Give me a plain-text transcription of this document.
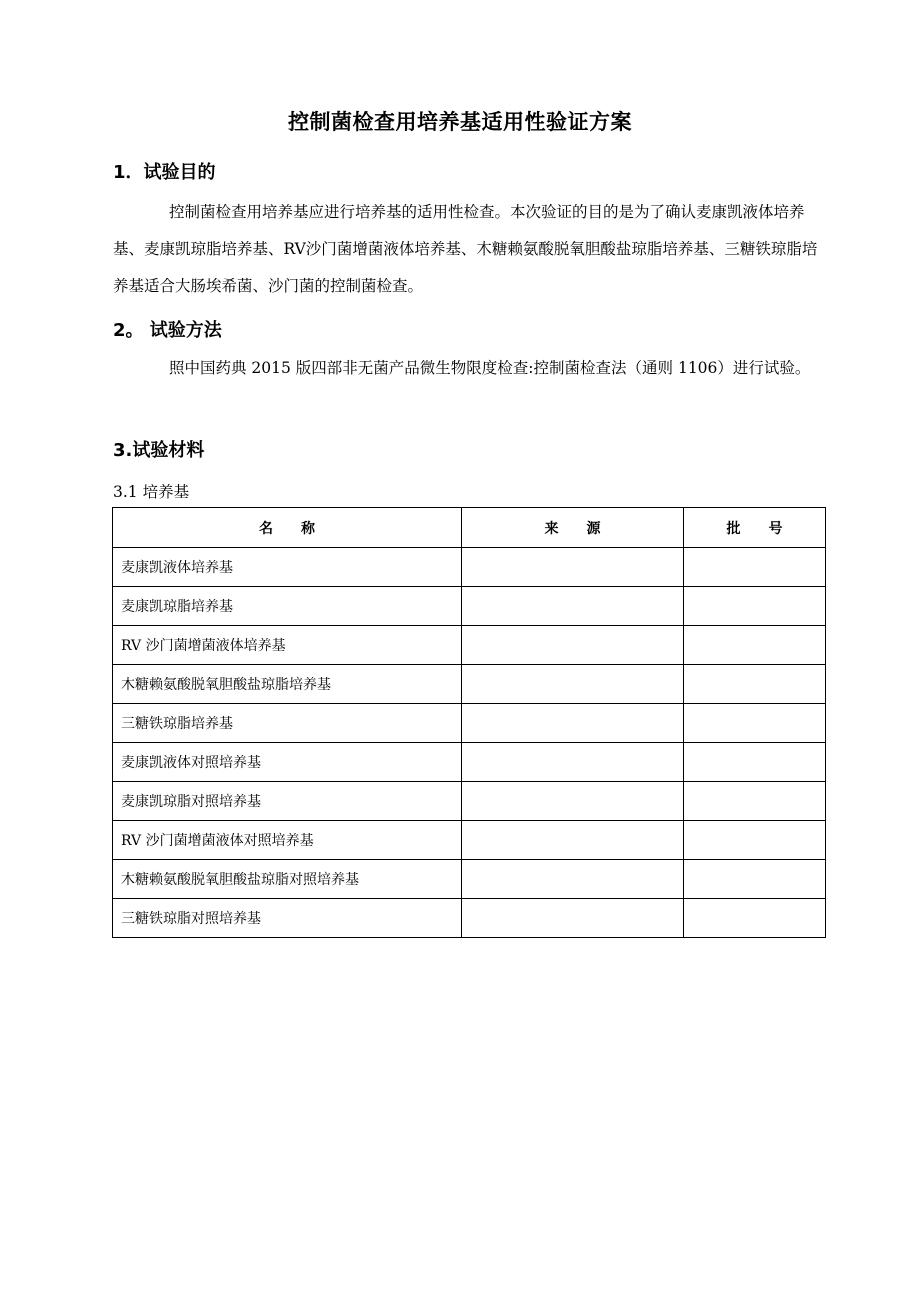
控制菌检查用培养基适用性验证方案
1．试验目的

控制菌检查用培养基应进行培养基的适用性检查。本次验证的目的是为了确认麦康凯液体培养基、麦康凯琼脂培养基、RV沙门菌增菌液体培养基、木糖赖氨酸脱氧胆酸盐琼脂培养基、三糖铁琼脂培养基适合大肠埃希菌、沙门菌的控制菌检查。

2。 试验方法

照中国药典 2015 版四部非无菌产品微生物限度检查:控制菌检查法（通则 1106）进行试验。

3.试验材料
3.1 培养基
名　　称	来　　源	批　　号
麦康凯液体培养基		
麦康凯琼脂培养基		
RV 沙门菌增菌液体培养基		
木糖赖氨酸脱氧胆酸盐琼脂培养基		
三糖铁琼脂培养基		
麦康凯液体对照培养基		
麦康凯琼脂对照培养基		
RV 沙门菌增菌液体对照培养基		
木糖赖氨酸脱氧胆酸盐琼脂对照培养基		
三糖铁琼脂对照培养基		
